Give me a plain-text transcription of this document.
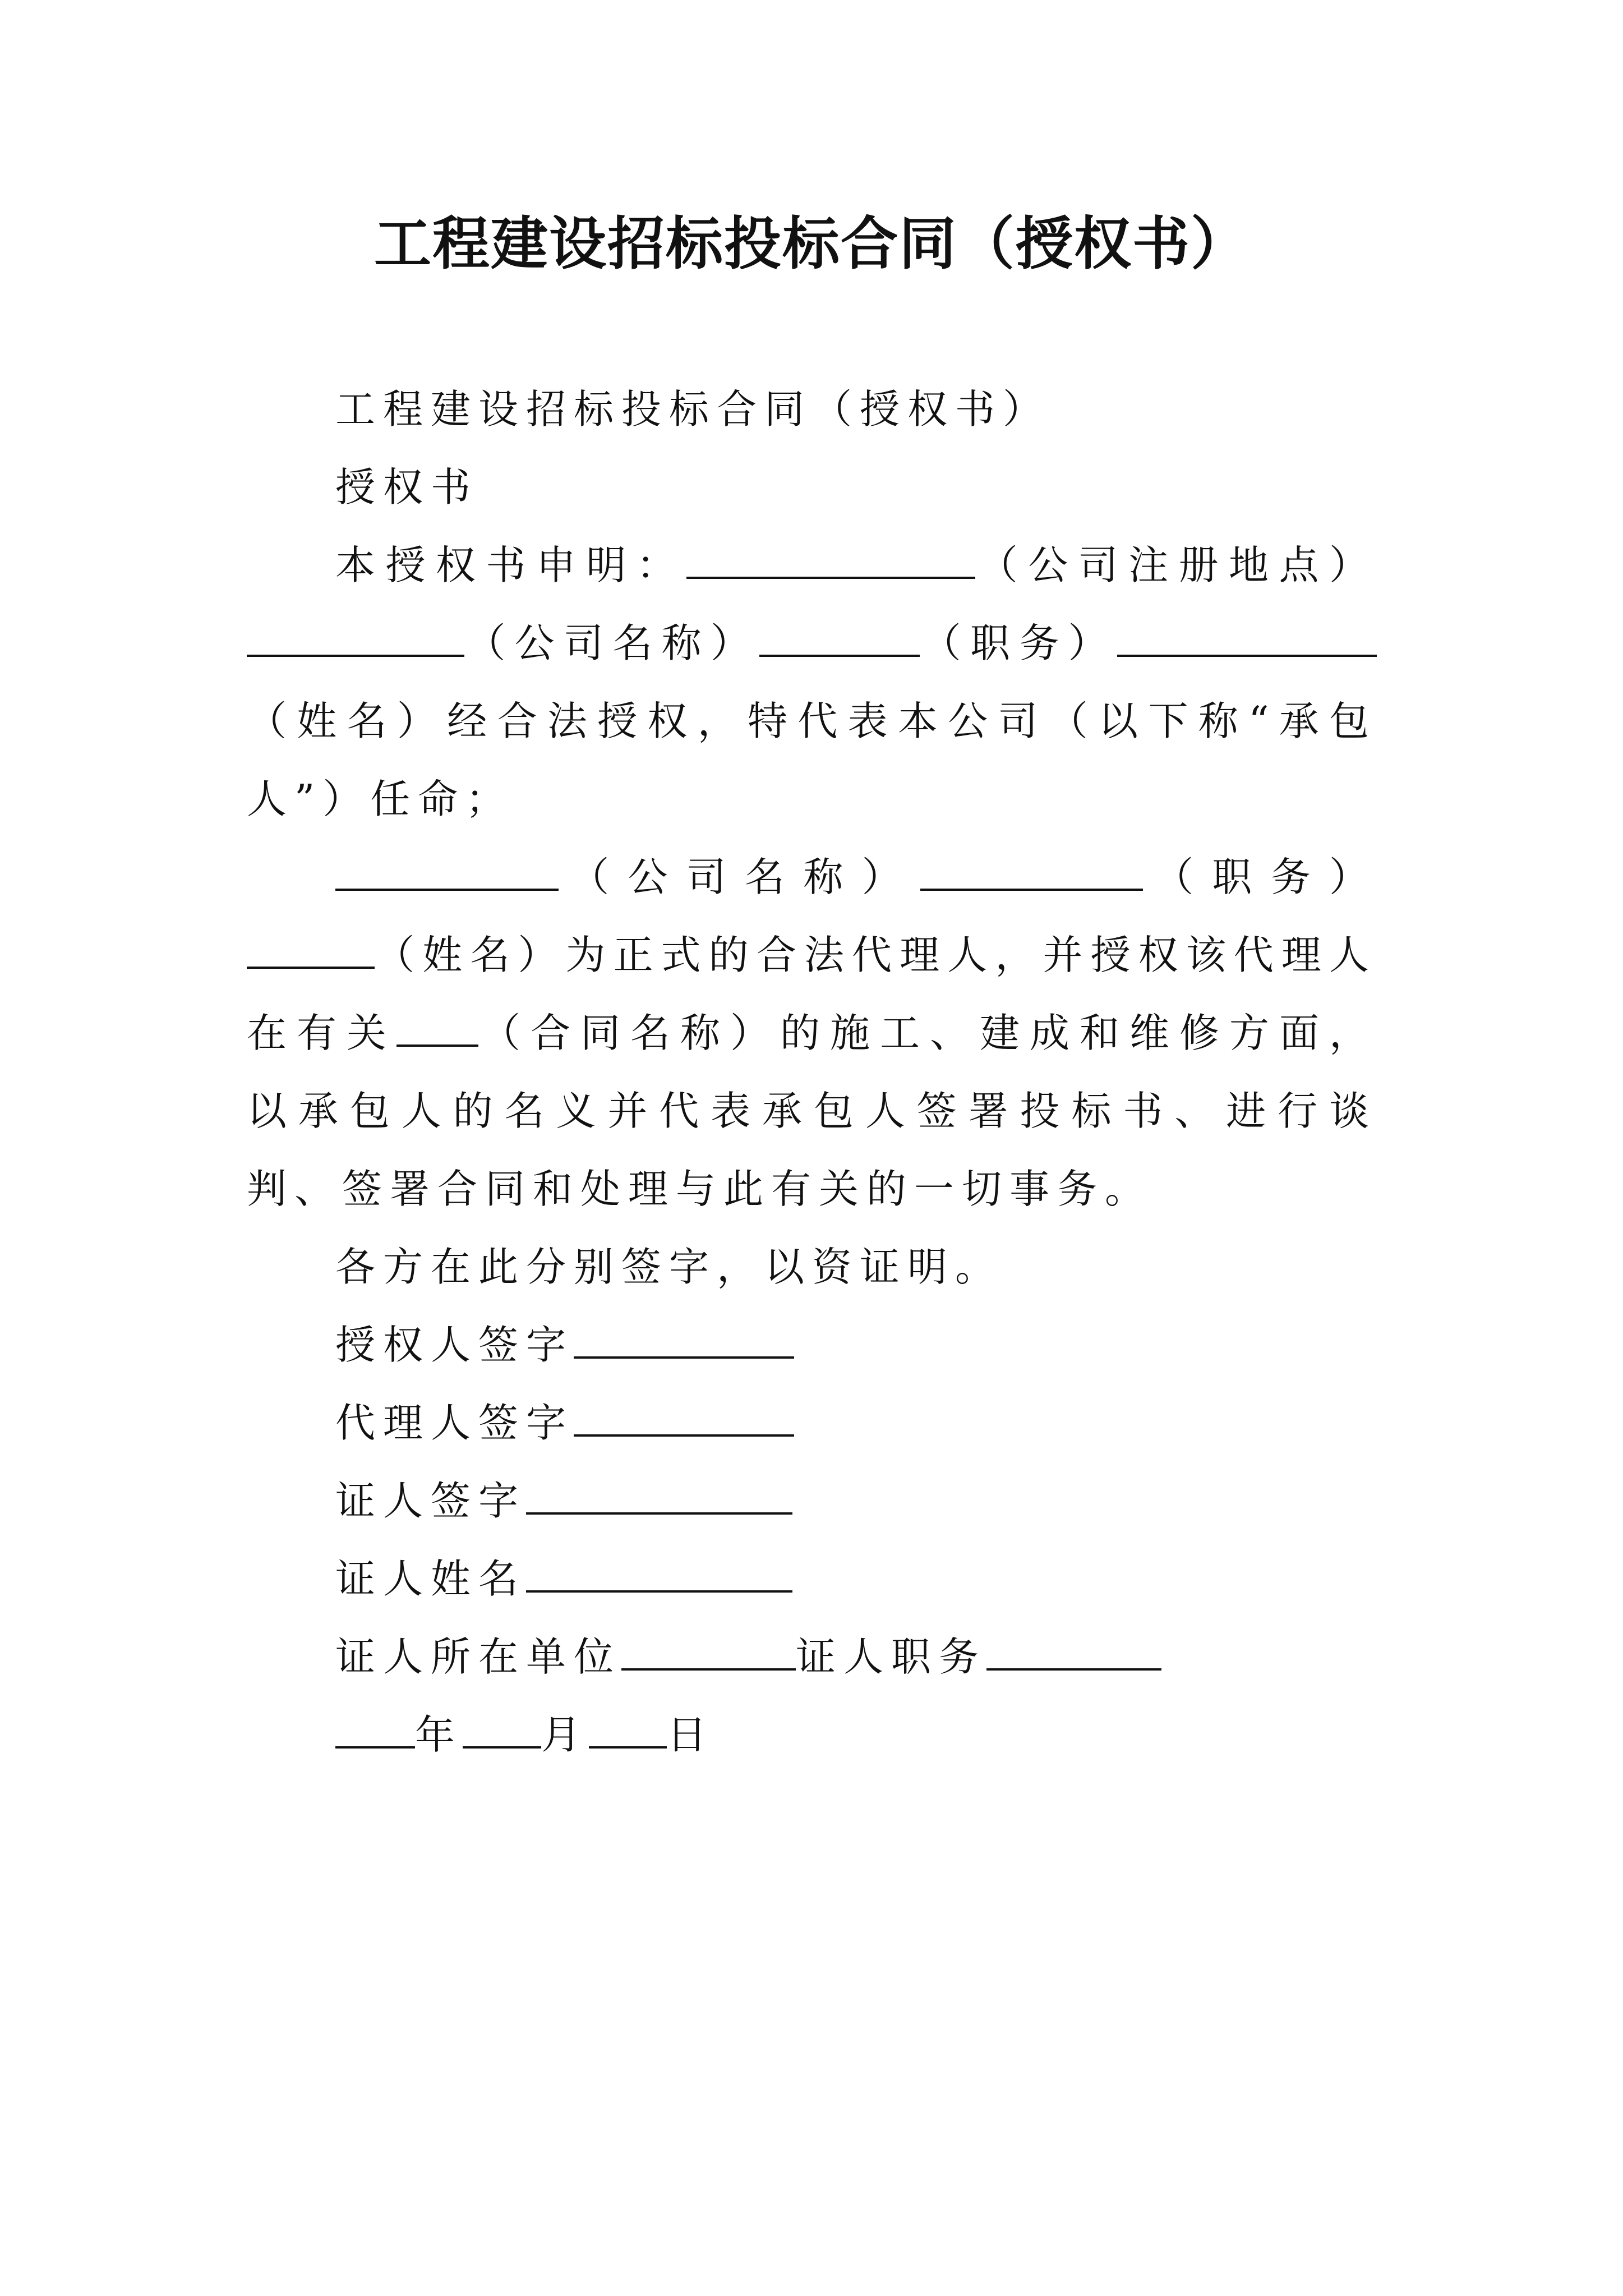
工程建设招标投标合同（授权书）

工程建设招标投标合同（授权书）

授权书

本授权书申明：	（公司注册地点）（公司名称）	（职务）（姓名）经合法授权，特代表本公司（以下称“承包人”）任命；

（公司名称）	（职务）（姓名）为正式的合法代理人，并授权该代理人在有关 （合同名称）的施工、建成和维修方面，以承包人的名义并代表承包人签署投标书、进行谈判、签署合同和处理与此有关的一切事务。

各方在此分别签字，以资证明。

授权人签字

代理人签字

证人签字

证人姓名

证人所在单位	证人职务

年 月 日
